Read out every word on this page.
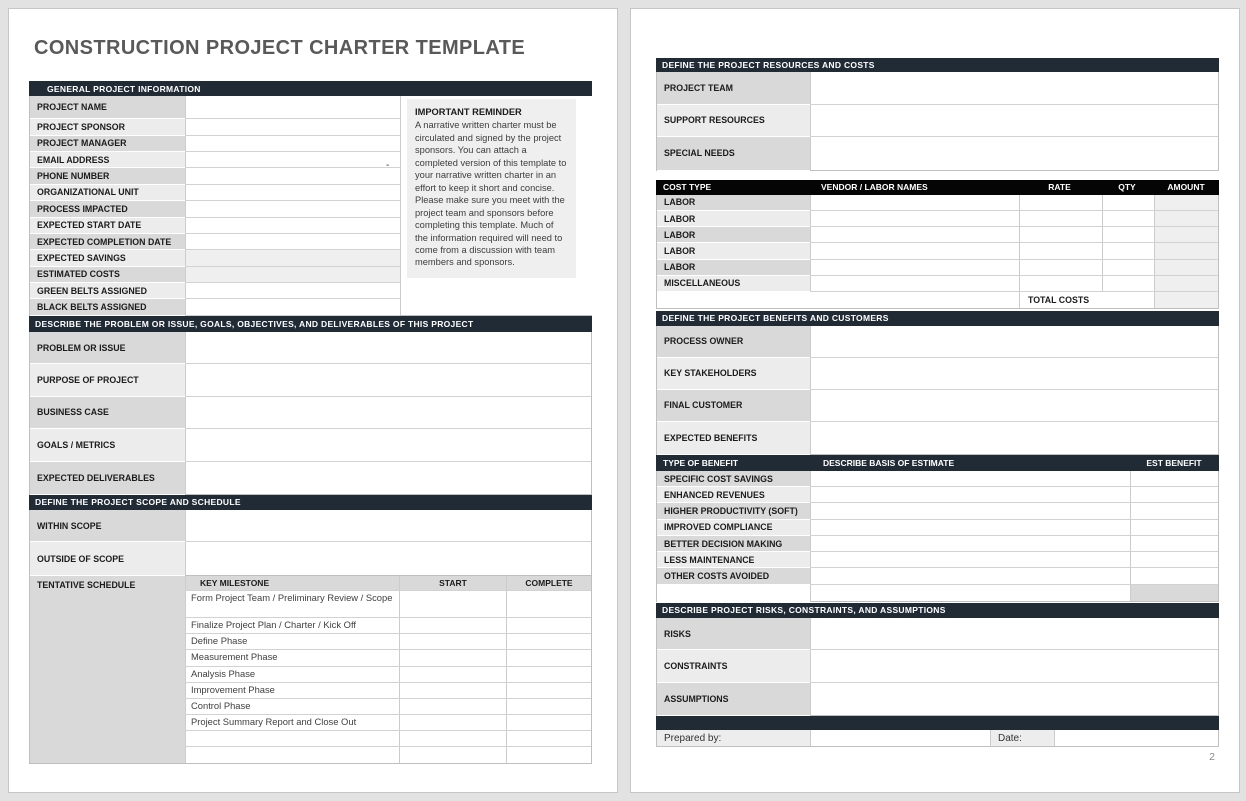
CONSTRUCTION PROJECT CHARTER TEMPLATE
GENERAL PROJECT INFORMATION
PROJECT NAME
PROJECT SPONSOR
PROJECT MANAGER
EMAIL ADDRESS
PHONE NUMBER
ORGANIZATIONAL UNIT
PROCESS IMPACTED
EXPECTED START DATE
EXPECTED COMPLETION DATE
EXPECTED SAVINGS
ESTIMATED COSTS
GREEN BELTS ASSIGNED
BLACK BELTS ASSIGNED
-
IMPORTANT REMINDER
A narrative written charter must be circulated and signed by the project sponsors. You can attach a completed version of this template to your narrative written charter in an effort to keep it short and concise. Please make sure you meet with the project team and sponsors before completing this template. Much of the information required will need to come from a discussion with team members and sponsors.
DESCRIBE THE PROBLEM OR ISSUE, GOALS, OBJECTIVES, AND DELIVERABLES OF THIS PROJECT
PROBLEM OR ISSUE
PURPOSE OF PROJECT
BUSINESS CASE
GOALS / METRICS
EXPECTED DELIVERABLES
DEFINE THE PROJECT SCOPE AND SCHEDULE
WITHIN SCOPE
OUTSIDE OF SCOPE
TENTATIVE SCHEDULE	KEY MILESTONE	START	COMPLETE
Form Project Team / Preliminary Review / Scope
Finalize Project Plan / Charter / Kick Off
Define Phase
Measurement Phase
Analysis Phase
Improvement Phase
Control Phase
Project Summary Report and Close Out
DEFINE THE PROJECT RESOURCES AND COSTS
PROJECT TEAM
SUPPORT RESOURCES
SPECIAL NEEDS
COST TYPE	VENDOR / LABOR NAMES	RATE	QTY	AMOUNT
LABOR
LABOR
LABOR
LABOR
LABOR
MISCELLANEOUS
TOTAL COSTS
DEFINE THE PROJECT BENEFITS AND CUSTOMERS
PROCESS OWNER
KEY STAKEHOLDERS
FINAL CUSTOMER
EXPECTED BENEFITS
TYPE OF BENEFIT	DESCRIBE BASIS OF ESTIMATE	EST BENEFIT
SPECIFIC COST SAVINGS
ENHANCED REVENUES
HIGHER PRODUCTIVITY (SOFT)
IMPROVED COMPLIANCE
BETTER DECISION MAKING
LESS MAINTENANCE
OTHER COSTS AVOIDED
DESCRIBE PROJECT RISKS, CONSTRAINTS, AND ASSUMPTIONS
RISKS
CONSTRAINTS
ASSUMPTIONS
Prepared by:	Date:
2
